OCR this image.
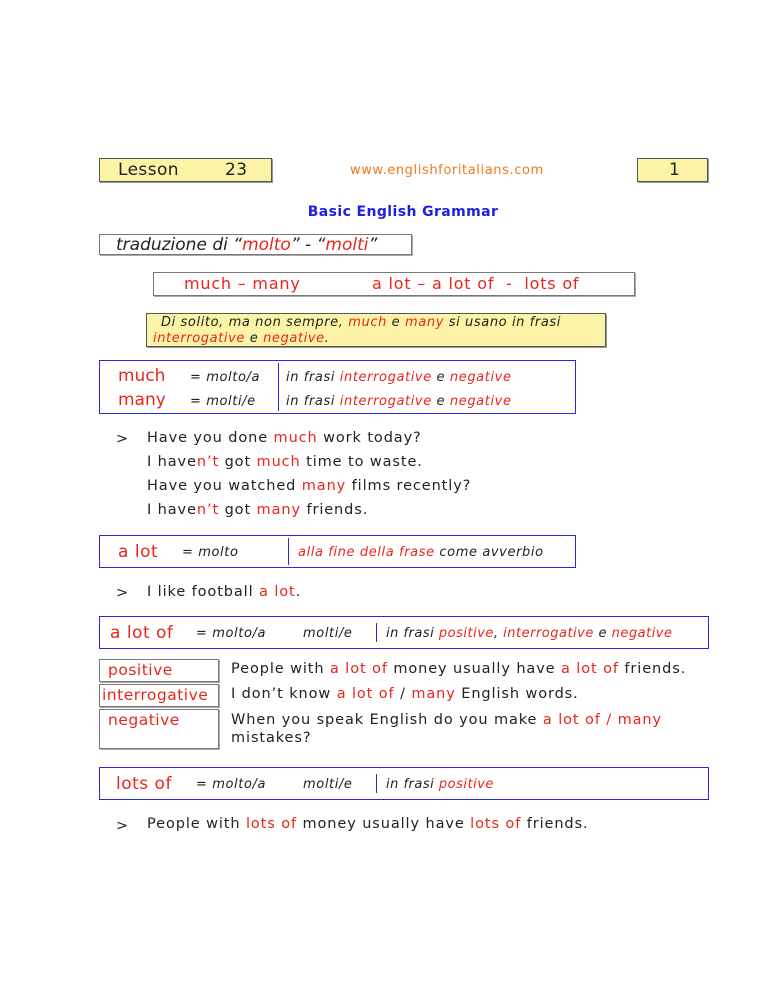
Lesson	23	www.englishforitalians.com	1
Basic English Grammar
traduzione di “molto” - “molti”
much – many	a lot – a lot of  -  lots of
Di solito, ma non sempre, much e many si usano in frasi
interrogative e negative.
much = molto/a in frasi interrogative e negative
many = molti/e in frasi interrogative e negative
> Have you done much work today?
I haven’t got much time to waste.
Have you watched many films recently?
I haven’t got many friends.
a lot = molto	alla fine della frase come avverbio
> I like football a lot.
a lot of = molto/a	molti/e	in frasi positive, interrogative e negative
positive	People with a lot of money usually have a lot of friends.
interrogative I don’t know a lot of / many English words.
negative	When you speak English do you make a lot of / many
mistakes?
lots of = molto/a	molti/e	in frasi positive
> People with lots of money usually have lots of friends.
